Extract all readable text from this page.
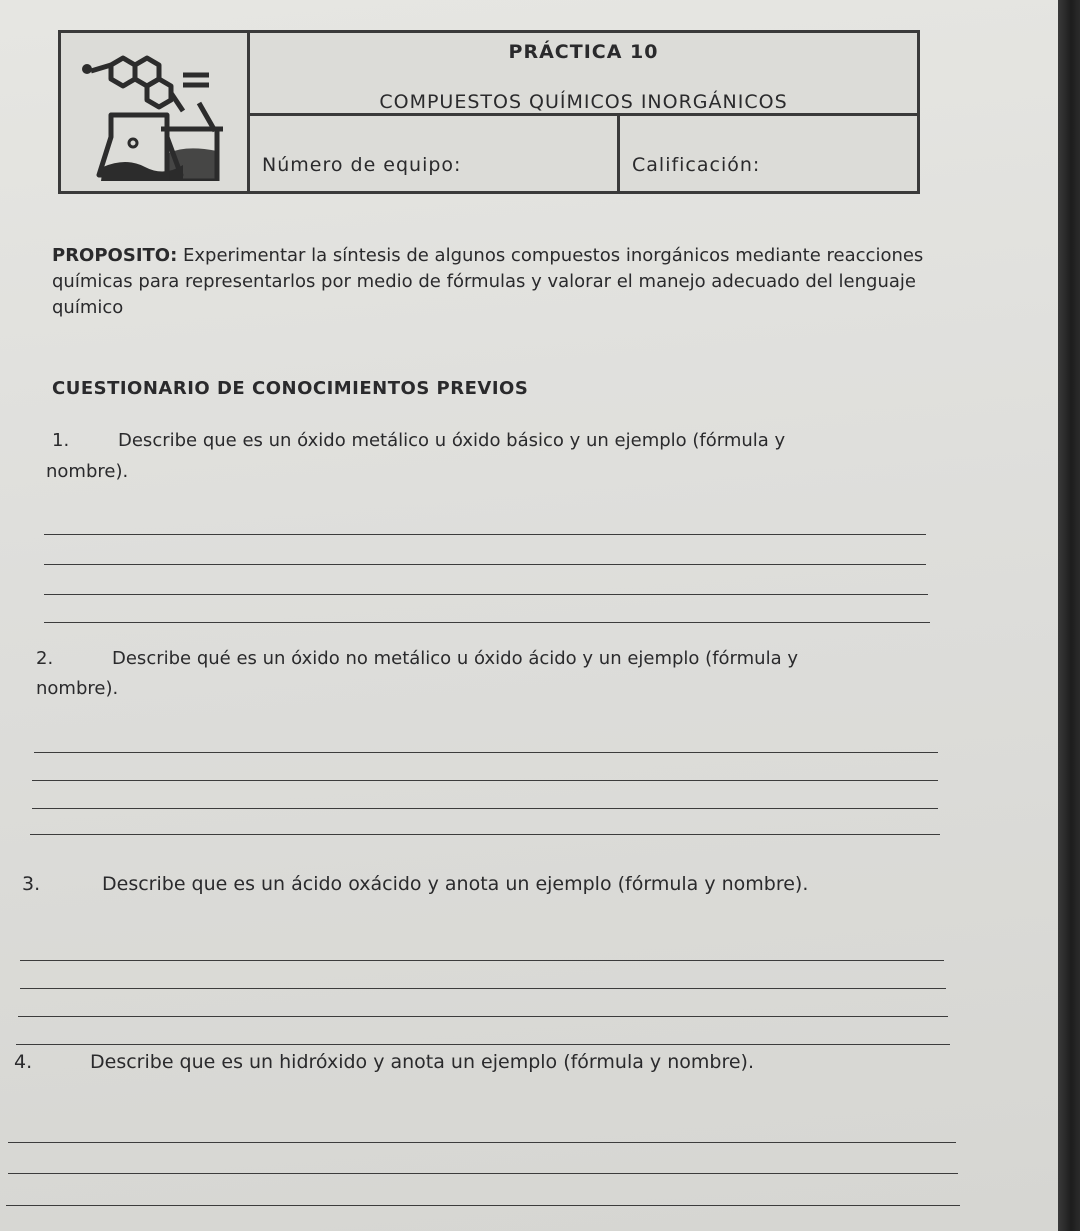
PRÁCTICA 10
COMPUESTOS QUÍMICOS INORGÁNICOS
Número de equipo:	Calificación:
PROPOSITO: Experimentar la síntesis de algunos compuestos inorgánicos mediante reacciones químicas para representarlos por medio de fórmulas y valorar el manejo adecuado del lenguaje químico
CUESTIONARIO DE CONOCIMIENTOS PREVIOS
1.	Describe que es un óxido metálico u óxido básico y un ejemplo (fórmula y
nombre).
2.	Describe qué es un óxido no metálico u óxido ácido y un ejemplo (fórmula y
nombre).
3.	Describe que es un ácido oxácido y anota un ejemplo (fórmula y nombre).
4.	Describe que es un hidróxido y anota un ejemplo (fórmula y nombre).
